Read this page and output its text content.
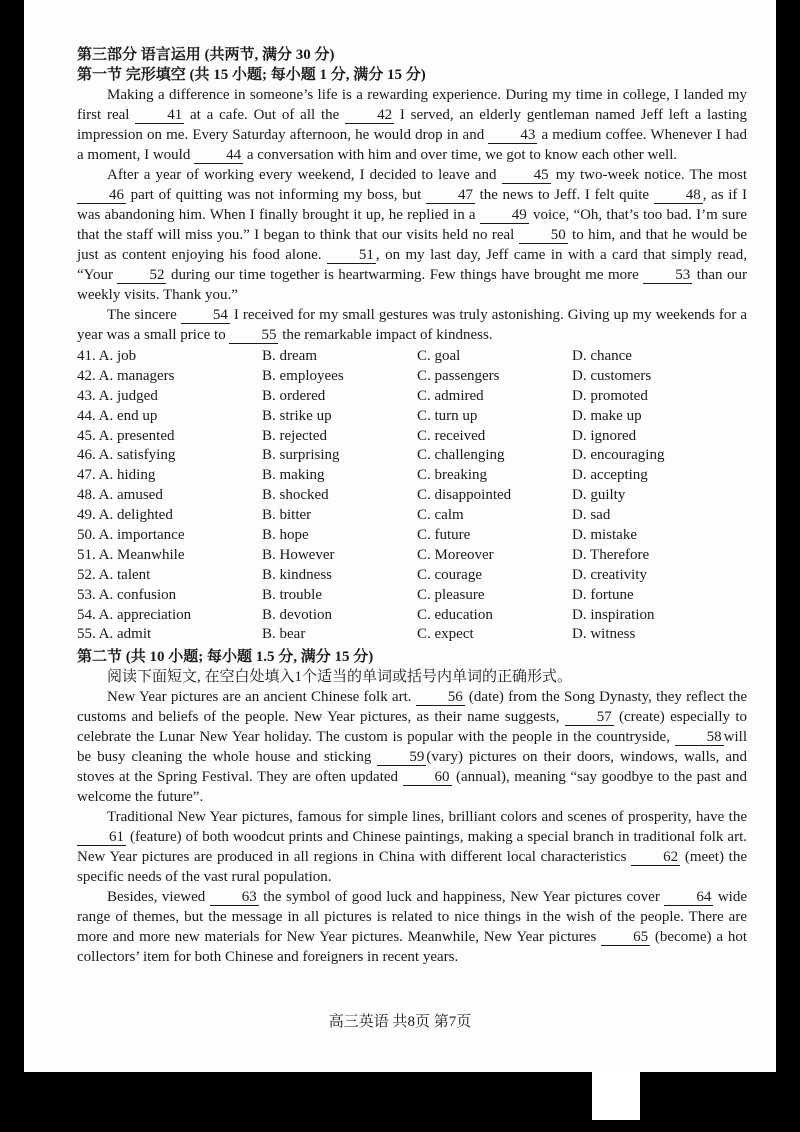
第三部分 语言运用 (共两节, 满分 30 分)
第一节 完形填空 (共 15 小题; 每小题 1 分, 满分 15 分)

Making a difference in someone’s life is a rewarding experience. During my time in college, I landed my first real 41 at a cafe. Out of all the 42 I served, an elderly gentleman named Jeff left a lasting impression on me. Every Saturday afternoon, he would drop in and 43 a medium coffee. Whenever I had a moment, I would 44 a conversation with him and over time, we got to know each other well.

After a year of working every weekend, I decided to leave and 45 my two-week notice. The most 46 part of quitting was not informing my boss, but 47 the news to Jeff. I felt quite 48 , as if I was abandoning him. When I finally brought it up, he replied in a 49 voice, “Oh, that’s too bad. I’m sure that the staff will miss you.” I began to think that our visits held no real 50 to him, and that he would be just as content enjoying his food alone. 51 , on my last day, Jeff came in with a card that simply read, “Your 52 during our time together is heartwarming. Few things have brought me more 53 than our weekly visits. Thank you.”

The sincere 54 I received for my small gestures was truly astonishing. Giving up my weekends for a year was a small price to 55 the remarkable impact of kindness.

41. A. job	B. dream	C. goal	D. chance
42. A. managers	B. employees	C. passengers	D. customers
43. A. judged	B. ordered	C. admired	D. promoted
44. A. end up	B. strike up	C. turn up	D. make up
45. A. presented	B. rejected	C. received	D. ignored
46. A. satisfying	B. surprising	C. challenging	D. encouraging
47. A. hiding	B. making	C. breaking	D. accepting
48. A. amused	B. shocked	C. disappointed	D. guilty
49. A. delighted	B. bitter	C. calm	D. sad
50. A. importance	B. hope	C. future	D. mistake
51. A. Meanwhile	B. However	C. Moreover	D. Therefore
52. A. talent	B. kindness	C. courage	D. creativity
53. A. confusion	B. trouble	C. pleasure	D. fortune
54. A. appreciation	B. devotion	C. education	D. inspiration
55. A. admit	B. bear	C. expect	D. witness
第二节 (共 10 小题; 每小题 1.5 分, 满分 15 分)

阅读下面短文, 在空白处填入1个适当的单词或括号内单词的正确形式。

New Year pictures are an ancient Chinese folk art. 56 (date) from the Song Dynasty, they reflect the customs and beliefs of the people. New Year pictures, as their name suggests, 57 (create) especially to celebrate the Lunar New Year holiday. The custom is popular with the people in the countryside, 58 will be busy cleaning the whole house and sticking 59 (vary) pictures on their doors, windows, walls, and stoves at the Spring Festival. They are often updated 60 (annual), meaning “say goodbye to the past and welcome the future”.

Traditional New Year pictures, famous for simple lines, brilliant colors and scenes of prosperity, have the 61 (feature) of both woodcut prints and Chinese paintings, making a special branch in traditional folk art. New Year pictures are produced in all regions in China with different local characteristics 62 (meet) the specific needs of the vast rural population.

Besides, viewed 63 the symbol of good luck and happiness, New Year pictures cover 64 wide range of themes, but the message in all pictures is related to nice things in the wish of the people. There are more and more new materials for New Year pictures. Meanwhile, New Year pictures 65 (become) a hot collectors’ item for both Chinese and foreigners in recent years.

高三英语 共8页 第7页
